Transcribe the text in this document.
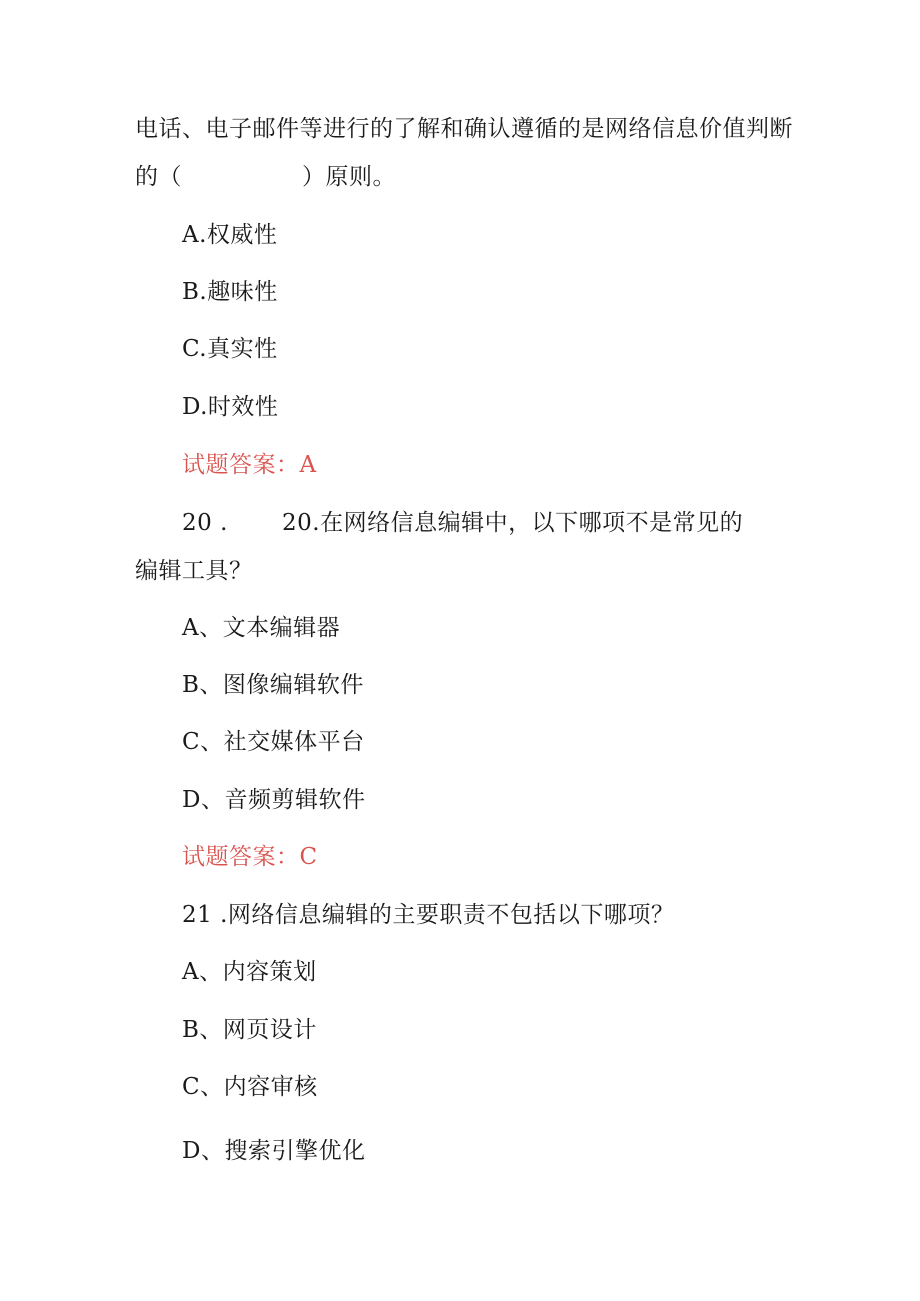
电话、电子邮件等进行的了解和确认遵循的是网络信息价值判断
的（	）原则。
A.权威性
B.趣味性
C.真实性
D.时效性
试题答案：A
20 . 20.在网络信息编辑中，以下哪项不是常见的
编辑工具？
A、文本编辑器
B、图像编辑软件
C、社交媒体平台
D、音频剪辑软件
试题答案：C
21 .网络信息编辑的主要职责不包括以下哪项？
A、内容策划
B、网页设计
C、内容审核
D、搜索引擎优化
